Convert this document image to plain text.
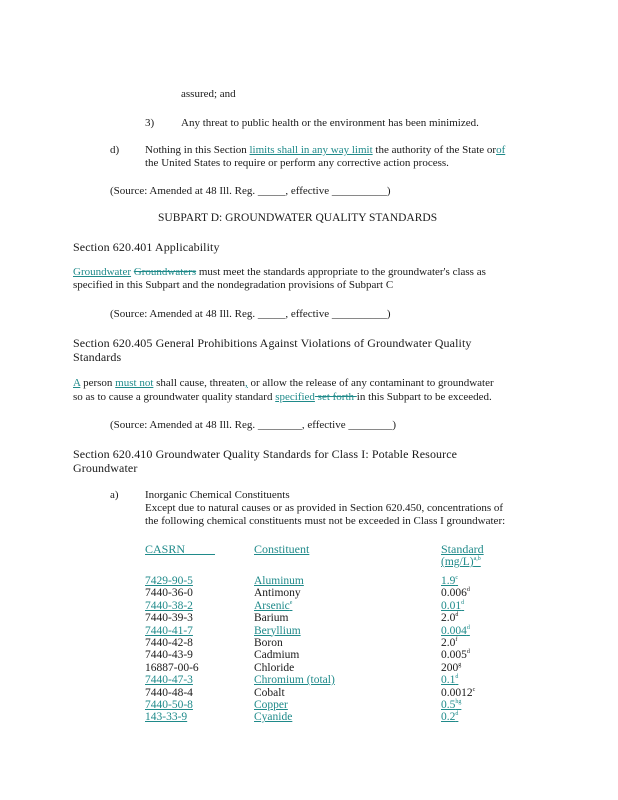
assured; and
3) Any threat to public health or the environment has been minimized.
d) Nothing in this Section limits shall in any way limit the authority of the State orof
the United States to require or perform any corrective action process.
(Source: Amended at 48 Ill. Reg. _____, effective __________)
SUBPART D: GROUNDWATER QUALITY STANDARDS
Section 620.401 Applicability
Groundwater Groundwaters must meet the standards appropriate to the groundwater's class as
specified in this Subpart and the nondegradation provisions of Subpart C
(Source: Amended at 48 Ill. Reg. _____, effective __________)
Section 620.405 General Prohibitions Against Violations of Groundwater Quality
Standards
A person must not shall cause, threaten, or allow the release of any contaminant to groundwater
so as to cause a groundwater quality standard specified set forth in this Subpart to be exceeded.
(Source: Amended at 48 Ill. Reg. ________, effective ________)
Section 620.410 Groundwater Quality Standards for Class I: Potable Resource
Groundwater
a) Inorganic Chemical Constituents
Except due to natural causes or as provided in Section 620.450, concentrations of
the following chemical constituents must not be exceeded in Class I groundwater:
CASRN	Constituent	Standard
$(mg/L)^{a,b}$
7429-90-5	Aluminum	1.9$^c$
7440-36-0	Antimony	0.006$^d$
7440-38-2	Arsenic$^e$	0.01$^d$
7440-39-3	Barium	2.0$^d$
7440-41-7	Beryllium	0.004$^d$
7440-42-8	Boron	2.0$^f$
7440-43-9	Cadmium	0.005$^d$
16887-00-6	Chloride	200$^g$
7440-47-3	Chromium (total)	0.1$^d$
7440-48-4	Cobalt	0.0012$^c$
7440-50-8	Copper	0.5$^{hg}$
143-33-9	Cyanide	0.2$^d$
